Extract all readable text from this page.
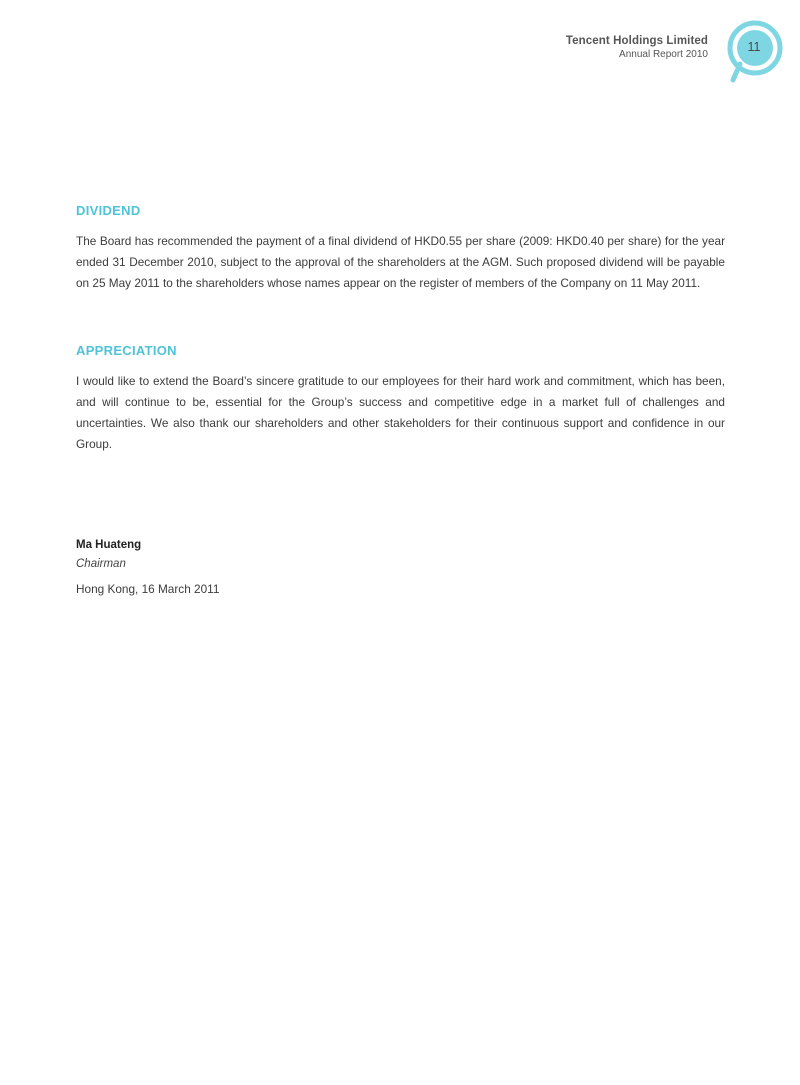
Tencent Holdings Limited
Annual Report 2010
11
DIVIDEND

The Board has recommended the payment of a final dividend of HKD0.55 per share (2009: HKD0.40 per share) for the year ended 31 December 2010, subject to the approval of the shareholders at the AGM. Such proposed dividend will be payable on 25 May 2011 to the shareholders whose names appear on the register of members of the Company on 11 May 2011.

APPRECIATION

I would like to extend the Board’s sincere gratitude to our employees for their hard work and commitment, which has been, and will continue to be, essential for the Group’s success and competitive edge in a market full of challenges and uncertainties. We also thank our shareholders and other stakeholders for their continuous support and confidence in our Group.

Ma Huateng

Chairman

Hong Kong, 16 March 2011
